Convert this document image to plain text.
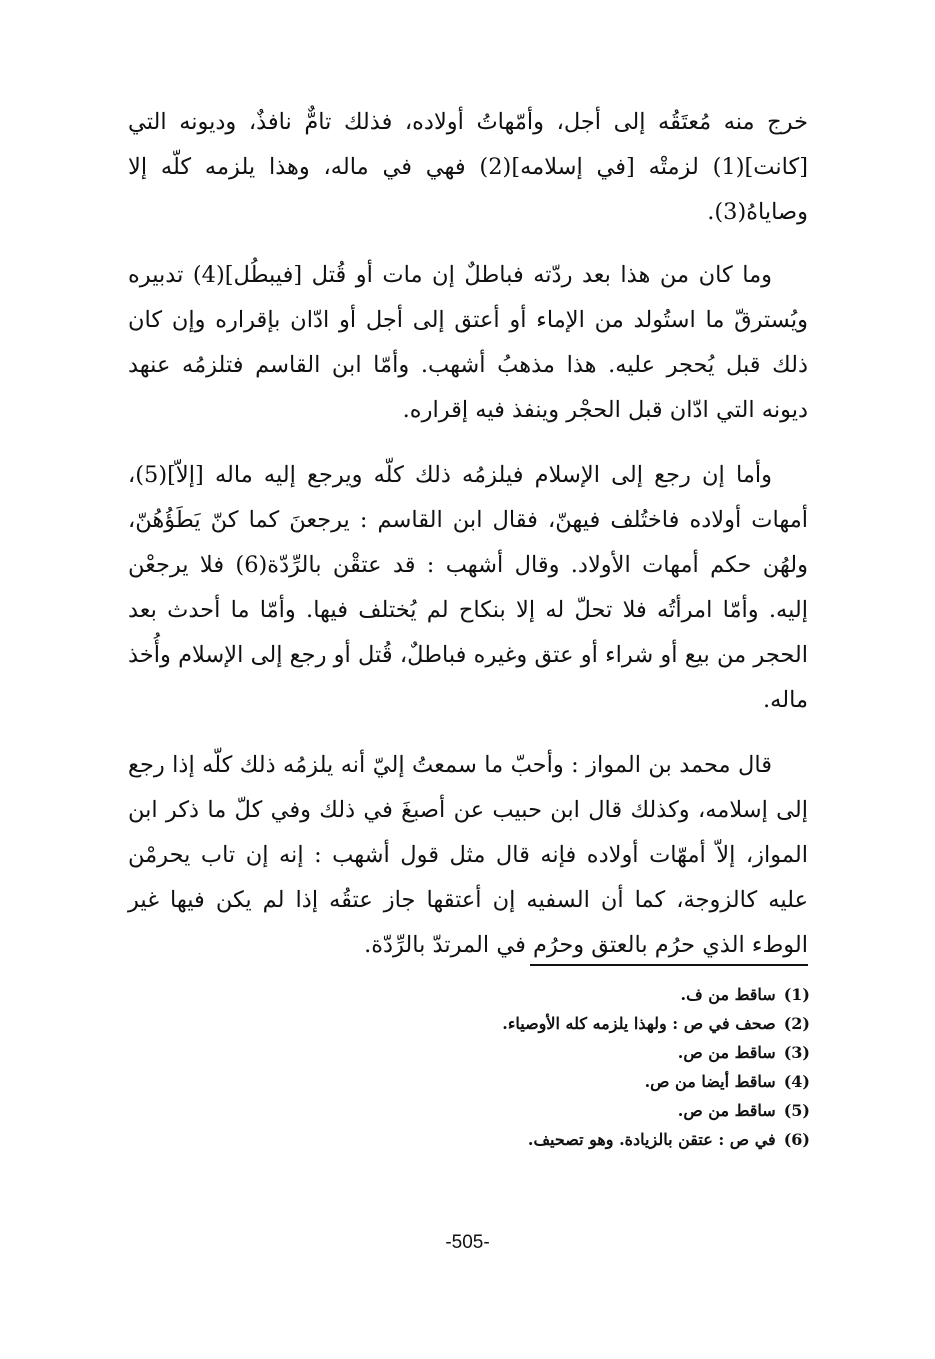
خرج منه مُعتَقُه إلى أجل، وأمّهاتُ أولاده، فذلك تامٌّ نافذٌ، وديونه التي [كانت](1) لزمتْه [في إسلامه](2) فهي في ماله، وهذا يلزمه كلّه إلا وصاياهُ(3).

وما كان من هذا بعد ردّته فباطلٌ إن مات أو قُتل [فيبطُل](4) تدبيره ويُسترقّ ما استُولد من الإماء أو أعتق إلى أجل أو ادّان بإقراره وإن كان ذلك قبل يُحجر عليه. هذا مذهبُ أشهب. وأمّا ابن القاسم فتلزمُه عنهد ديونه التي ادّان قبل الحجْر وينفذ فيه إقراره.

وأما إن رجع إلى الإسلام فيلزمُه ذلك كلّه ويرجع إليه ماله [إلاّ](5)، أمهات أولاده فاختُلف فيهنّ، فقال ابن القاسم : يرجعنَ كما كنّ يَطَؤُهُنّ، ولهُن حكم أمهات الأولاد. وقال أشهب : قد عتقْن بالرِّدّة(6) فلا يرجعْن إليه. وأمّا امرأتُه فلا تحلّ له إلا بنكاح لم يُختلف فيها. وأمّا ما أحدث بعد الحجر من بيع أو شراء أو عتق وغيره فباطلٌ، قُتل أو رجع إلى الإسلام وأُخذ ماله.

قال محمد بن المواز : وأحبّ ما سمعتُ إليّ أنه يلزمُه ذلك كلّه إذا رجع إلى إسلامه، وكذلك قال ابن حبيب عن أصبغَ في ذلك وفي كلّ ما ذكر ابن المواز، إلاّ أمهّات أولاده فإنه قال مثل قول أشهب : إنه إن تاب يحرمْن عليه كالزوجة، كما أن السفيه إن أعتقها جاز عتقُه إذا لم يكن فيها غير الوطء الذي حرُم بالعتق وحرُم في المرتدّ بالرِّدّة.

(1)ساقط من ف.
(2)صحف في ص : ولهذا يلزمه كله الأوصياء.
(3)ساقط من ص.
(4)ساقط أيضا من ص.
(5)ساقط من ص.
(6)في ص : عتقن بالزيادة. وهو تصحيف.
-505-
